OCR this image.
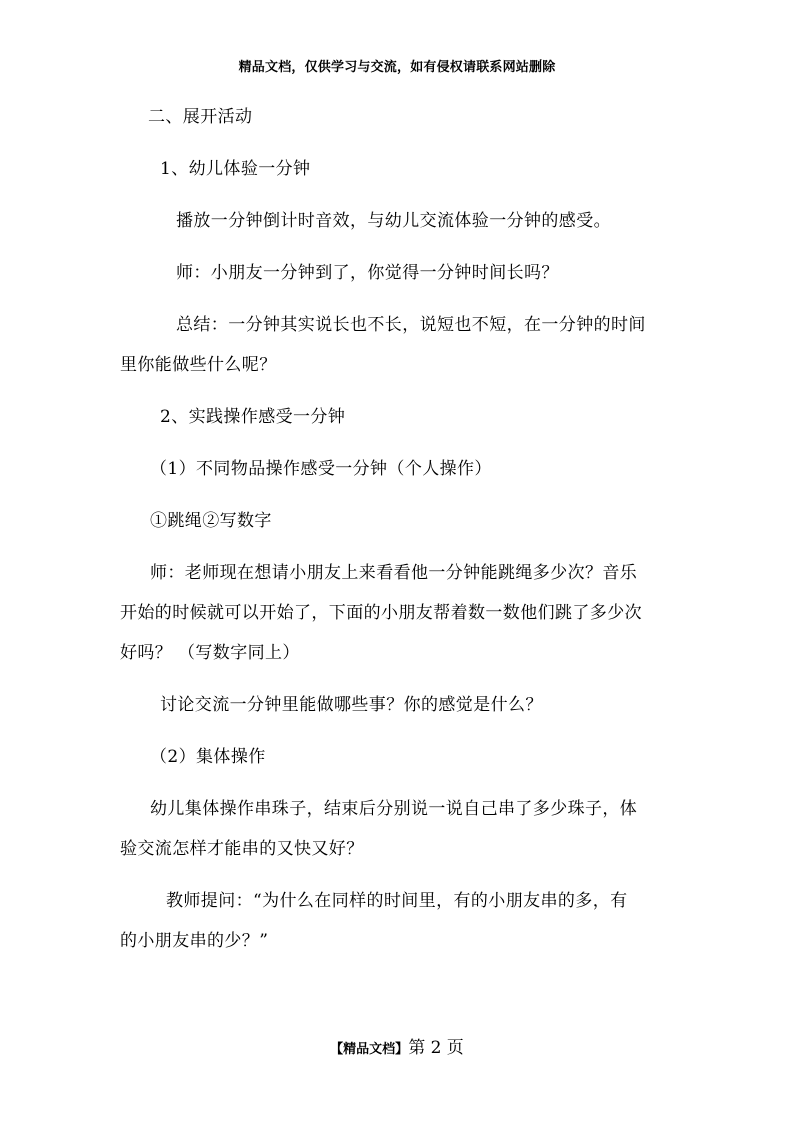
精品文档，仅供学习与交流，如有侵权请联系网站删除
二、展开活动
1、幼儿体验一分钟
播放一分钟倒计时音效，与幼儿交流体验一分钟的感受。
师：小朋友一分钟到了，你觉得一分钟时间长吗？
总结：一分钟其实说长也不长，说短也不短，在一分钟的时间
里你能做些什么呢？
2、实践操作感受一分钟
（1）不同物品操作感受一分钟（个人操作）
①跳绳②写数字
师：老师现在想请小朋友上来看看他一分钟能跳绳多少次？音乐
开始的时候就可以开始了，下面的小朋友帮着数一数他们跳了多少次
好吗？ （写数字同上）
讨论交流一分钟里能做哪些事？你的感觉是什么？
（2）集体操作
幼儿集体操作串珠子，结束后分别说一说自己串了多少珠子，体
验交流怎样才能串的又快又好？
教师提问：“为什么在同样的时间里，有的小朋友串的多，有
的小朋友串的少？”
【精品文档】第 2 页
